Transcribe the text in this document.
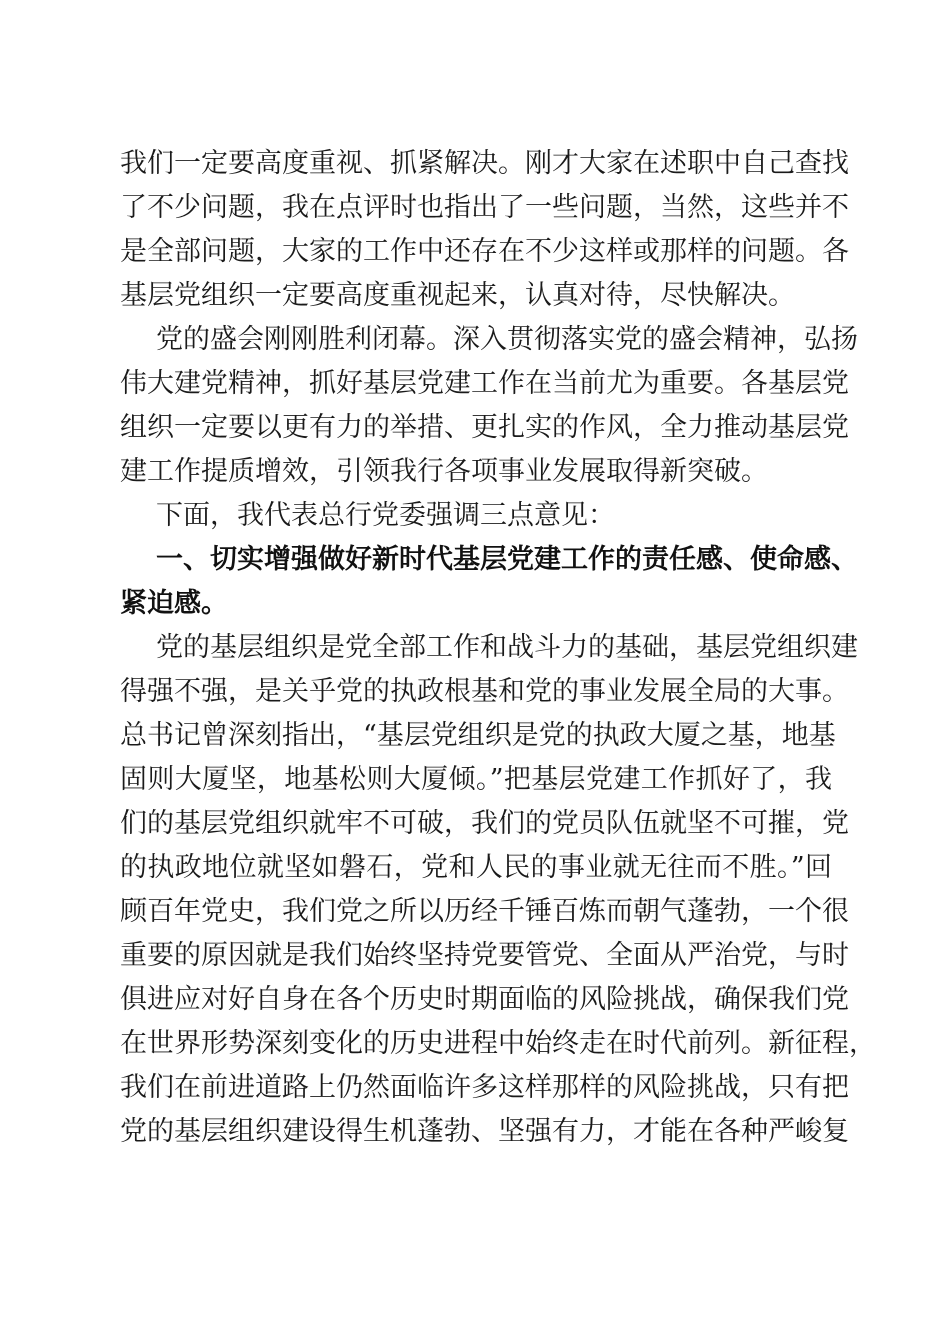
我们一定要高度重视、抓紧解决。刚才大家在述职中自己查找
了不少问题，我在点评时也指出了一些问题，当然，这些并不
是全部问题，大家的工作中还存在不少这样或那样的问题。各
基层党组织一定要高度重视起来，认真对待，尽快解决。
党的盛会刚刚胜利闭幕。深入贯彻落实党的盛会精神，弘扬
伟大建党精神，抓好基层党建工作在当前尤为重要。各基层党
组织一定要以更有力的举措、更扎实的作风，全力推动基层党
建工作提质增效，引领我行各项事业发展取得新突破。
下面，我代表总行党委强调三点意见：
一、切实增强做好新时代基层党建工作的责任感、使命感、
紧迫感。
党的基层组织是党全部工作和战斗力的基础，基层党组织建
得强不强，是关乎党的执政根基和党的事业发展全局的大事。
总书记曾深刻指出，“基层党组织是党的执政大厦之基，地基
固则大厦坚，地基松则大厦倾。”把基层党建工作抓好了，我
们的基层党组织就牢不可破，我们的党员队伍就坚不可摧，党
的执政地位就坚如磐石，党和人民的事业就无往而不胜。”回
顾百年党史，我们党之所以历经千锤百炼而朝气蓬勃，一个很
重要的原因就是我们始终坚持党要管党、全面从严治党，与时
俱进应对好自身在各个历史时期面临的风险挑战，确保我们党
在世界形势深刻变化的历史进程中始终走在时代前列。新征程，
我们在前进道路上仍然面临许多这样那样的风险挑战，只有把
党的基层组织建设得生机蓬勃、坚强有力，才能在各种严峻复
